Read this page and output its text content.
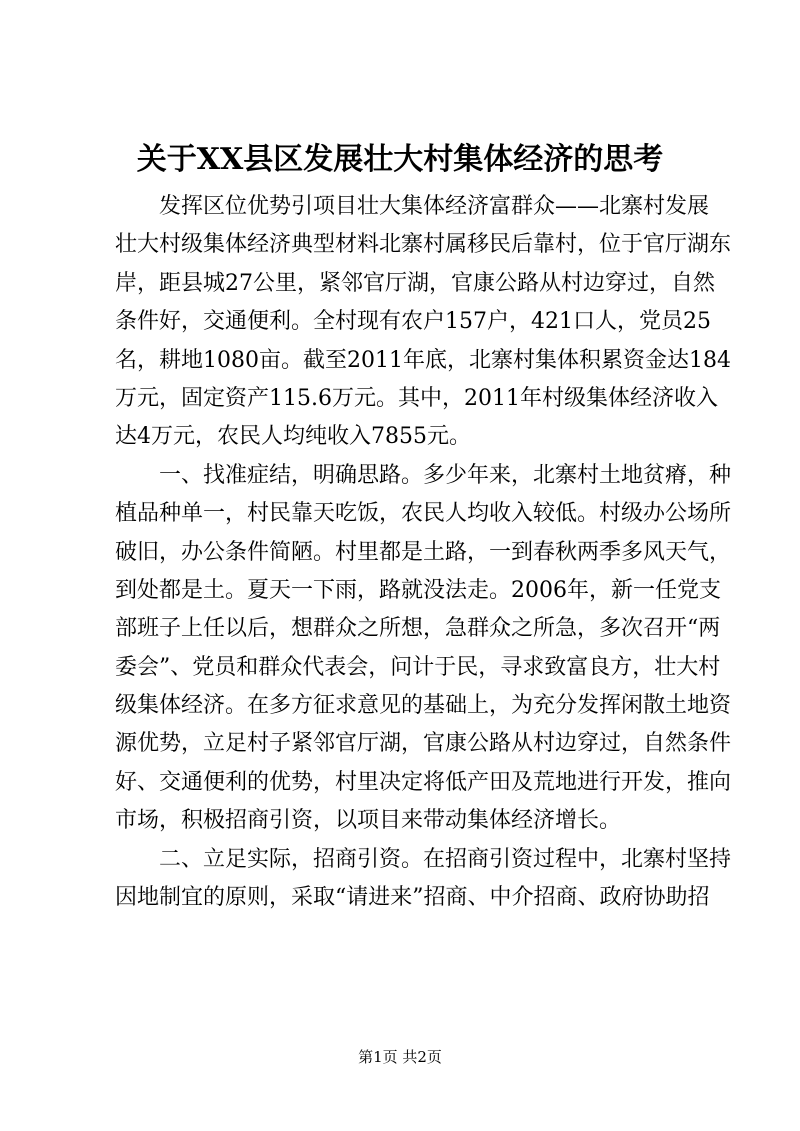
关于XX县区发展壮大村集体经济的思考
发挥区位优势引项目壮大集体经济富群众——北寨村发展
壮大村级集体经济典型材料北寨村属移民后靠村，位于官厅湖东
岸，距县城27公里，紧邻官厅湖，官康公路从村边穿过，自然
条件好，交通便利。全村现有农户157户，421口人，党员25
名，耕地1080亩。截至2011年底，北寨村集体积累资金达184
万元，固定资产115.6万元。其中，2011年村级集体经济收入
达4万元，农民人均纯收入7855元。
一、找准症结，明确思路。多少年来，北寨村土地贫瘠，种
植品种单一，村民靠天吃饭，农民人均收入较低。村级办公场所
破旧，办公条件简陋。村里都是土路，一到春秋两季多风天气，
到处都是土。夏天一下雨，路就没法走。2006年，新一任党支
部班子上任以后，想群众之所想，急群众之所急，多次召开“两
委会”、党员和群众代表会，问计于民，寻求致富良方，壮大村
级集体经济。在多方征求意见的基础上，为充分发挥闲散土地资
源优势，立足村子紧邻官厅湖，官康公路从村边穿过，自然条件
好、交通便利的优势，村里决定将低产田及荒地进行开发，推向
市场，积极招商引资，以项目来带动集体经济增长。
二、立足实际，招商引资。在招商引资过程中，北寨村坚持
因地制宜的原则，采取“请进来”招商、中介招商、政府协助招
第1页 共2页
